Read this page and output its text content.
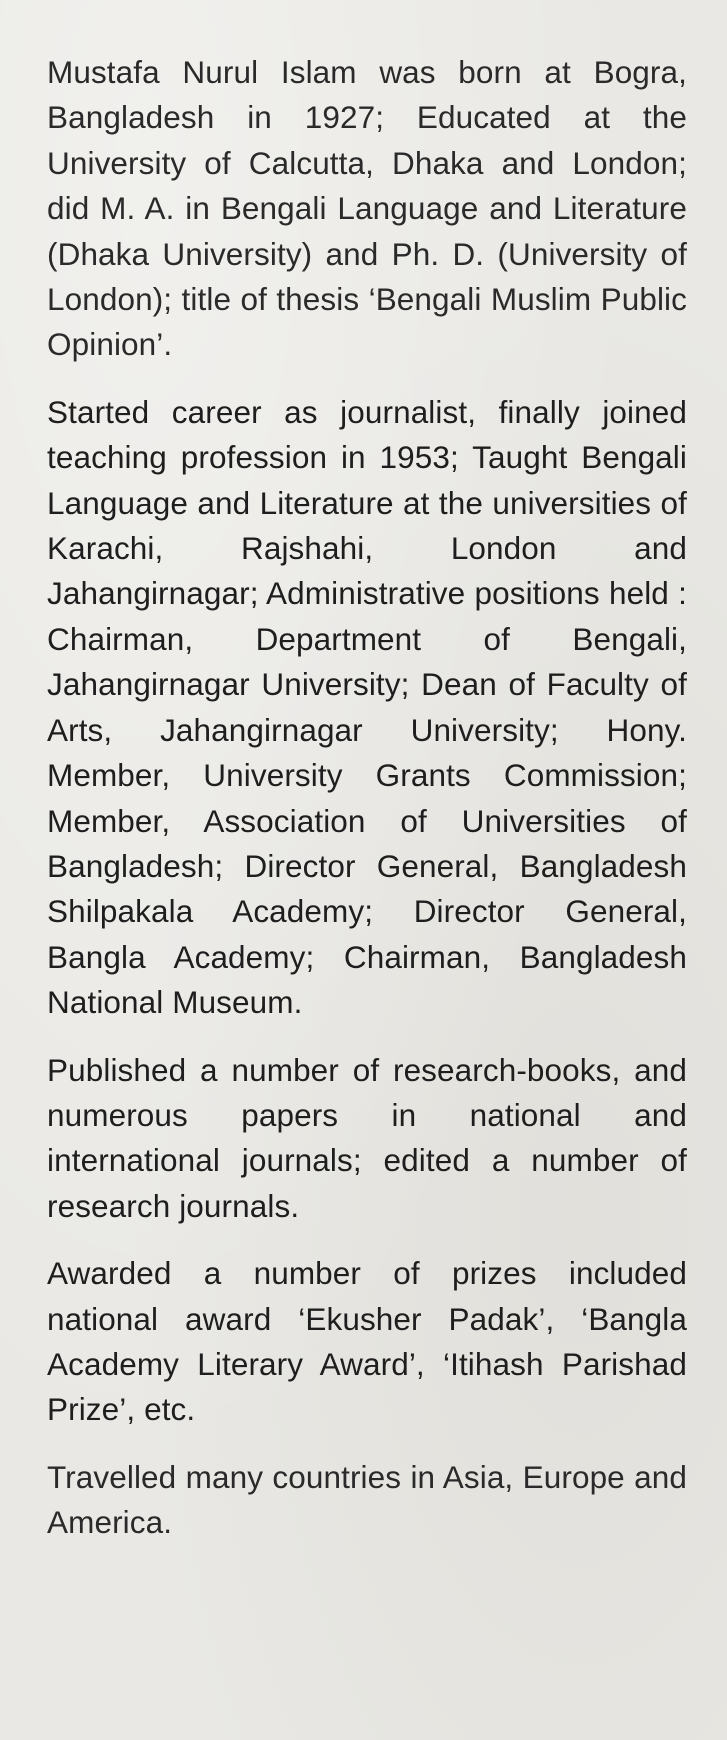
Mustafa Nurul Islam was born at Bogra, Bangladesh in 1927; Educated at the University of Calcutta, Dhaka and London; did M. A. in Bengali Language and Literature (Dhaka University) and Ph. D. (University of London); title of thesis ‘Bengali Muslim Public Opinion’.

Started career as journalist, finally joined teaching profession in 1953; Taught Bengali Language and Literature at the universities of Karachi, Rajshahi, London and Jahangirnagar; Administrative positions held : Chairman, Department of Bengali, Jahangirnagar University; Dean of Faculty of Arts, Jahangirnagar University; Hony. Member, University Grants Commission; Member, Association of Universities of Bangladesh; Director General, Bangladesh Shilpakala Academy; Director General, Bangla Academy; Chairman, Bangladesh National Museum.

Published a number of research-books, and numerous papers in national and international journals; edited a number of research journals.

Awarded a number of prizes included national award ‘Ekusher Padak’, ‘Bangla Academy Literary Award’, ‘Itihash Parishad Prize’, etc.

Travelled many countries in Asia, Europe and America.
